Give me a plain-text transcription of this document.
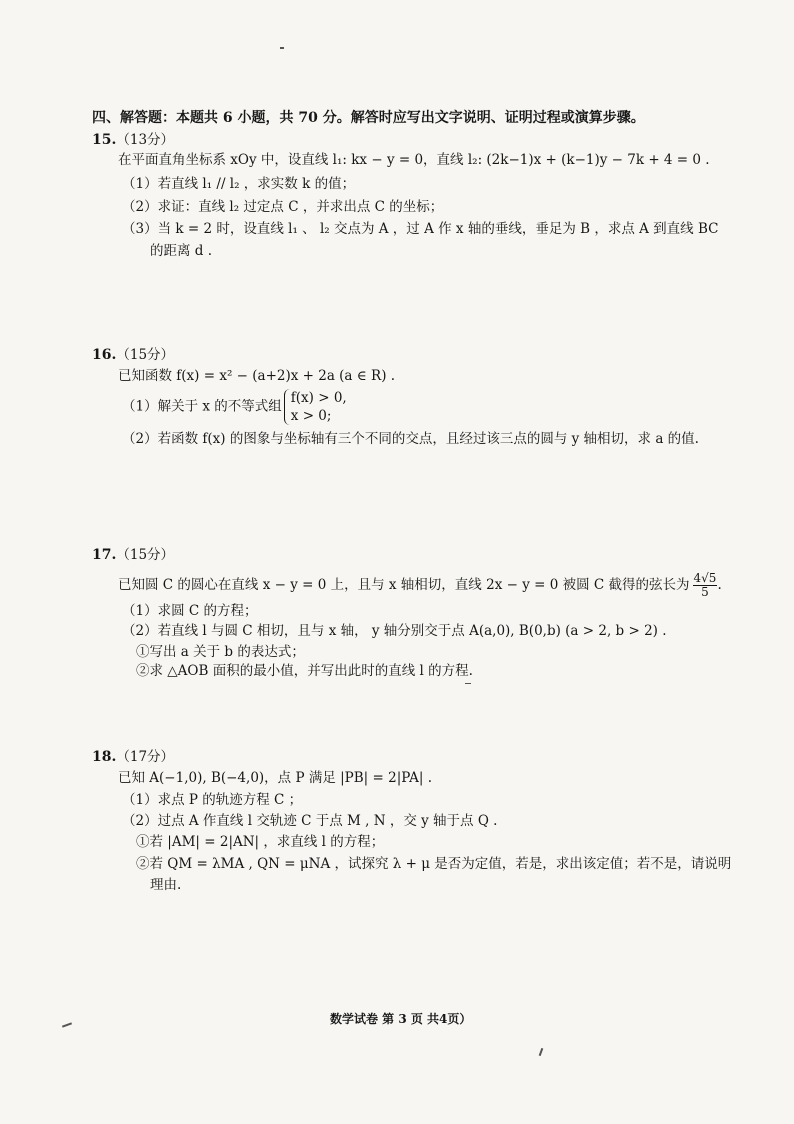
四、解答题：本题共 6 小题，共 70 分。解答时应写出文字说明、证明过程或演算步骤。
15.（13分）
在平面直角坐标系 xOy 中，设直线 l₁: kx − y = 0，直线 l₂: (2k−1)x + (k−1)y − 7k + 4 = 0 .
（1）若直线 l₁ // l₂ ，求实数 k 的值；
（2）求证：直线 l₂ 过定点 C ，并求出点 C 的坐标；
（3）当 k = 2 时，设直线 l₁ 、 l₂ 交点为 A ，过 A 作 x 轴的垂线，垂足为 B ，求点 A 到直线 BC
的距离 d .
16.（15分）
已知函数 f(x) = x² − (a+2)x + 2a (a ∈ R) .
（1）解关于 x 的不等式组
f(x) > 0,
x > 0;
（2）若函数 f(x) 的图象与坐标轴有三个不同的交点，且经过该三点的圆与 y 轴相切，求 a 的值.
17.（15分）
已知圆 C 的圆心在直线 x − y = 0 上，且与 x 轴相切，直线 2x − y = 0 被圆 C 截得的弦长为 $\frac{4√5}{5}$ .
（1）求圆 C 的方程；
（2）若直线 l 与圆 C 相切，且与 x 轴， y 轴分别交于点 A(a,0), B(0,b) (a > 2, b > 2) .
①写出 a 关于 b 的表达式；
②求 △AOB 面积的最小值，并写出此时的直线 l 的方程.
18.（17分）
已知 A(−1,0), B(−4,0)，点 P 满足 |PB| = 2|PA| .
（1）求点 P 的轨迹方程 C ；
（2）过点 A 作直线 l 交轨迹 C 于点 M , N ，交 y 轴于点 Q .
①若 |AM| = 2|AN| ，求直线 l 的方程；
②若 QM = λMA , QN = μNA ，试探究 λ + μ 是否为定值，若是，求出该定值；若不是，请说明
理由.
数学试卷 第 3 页 共4页）
